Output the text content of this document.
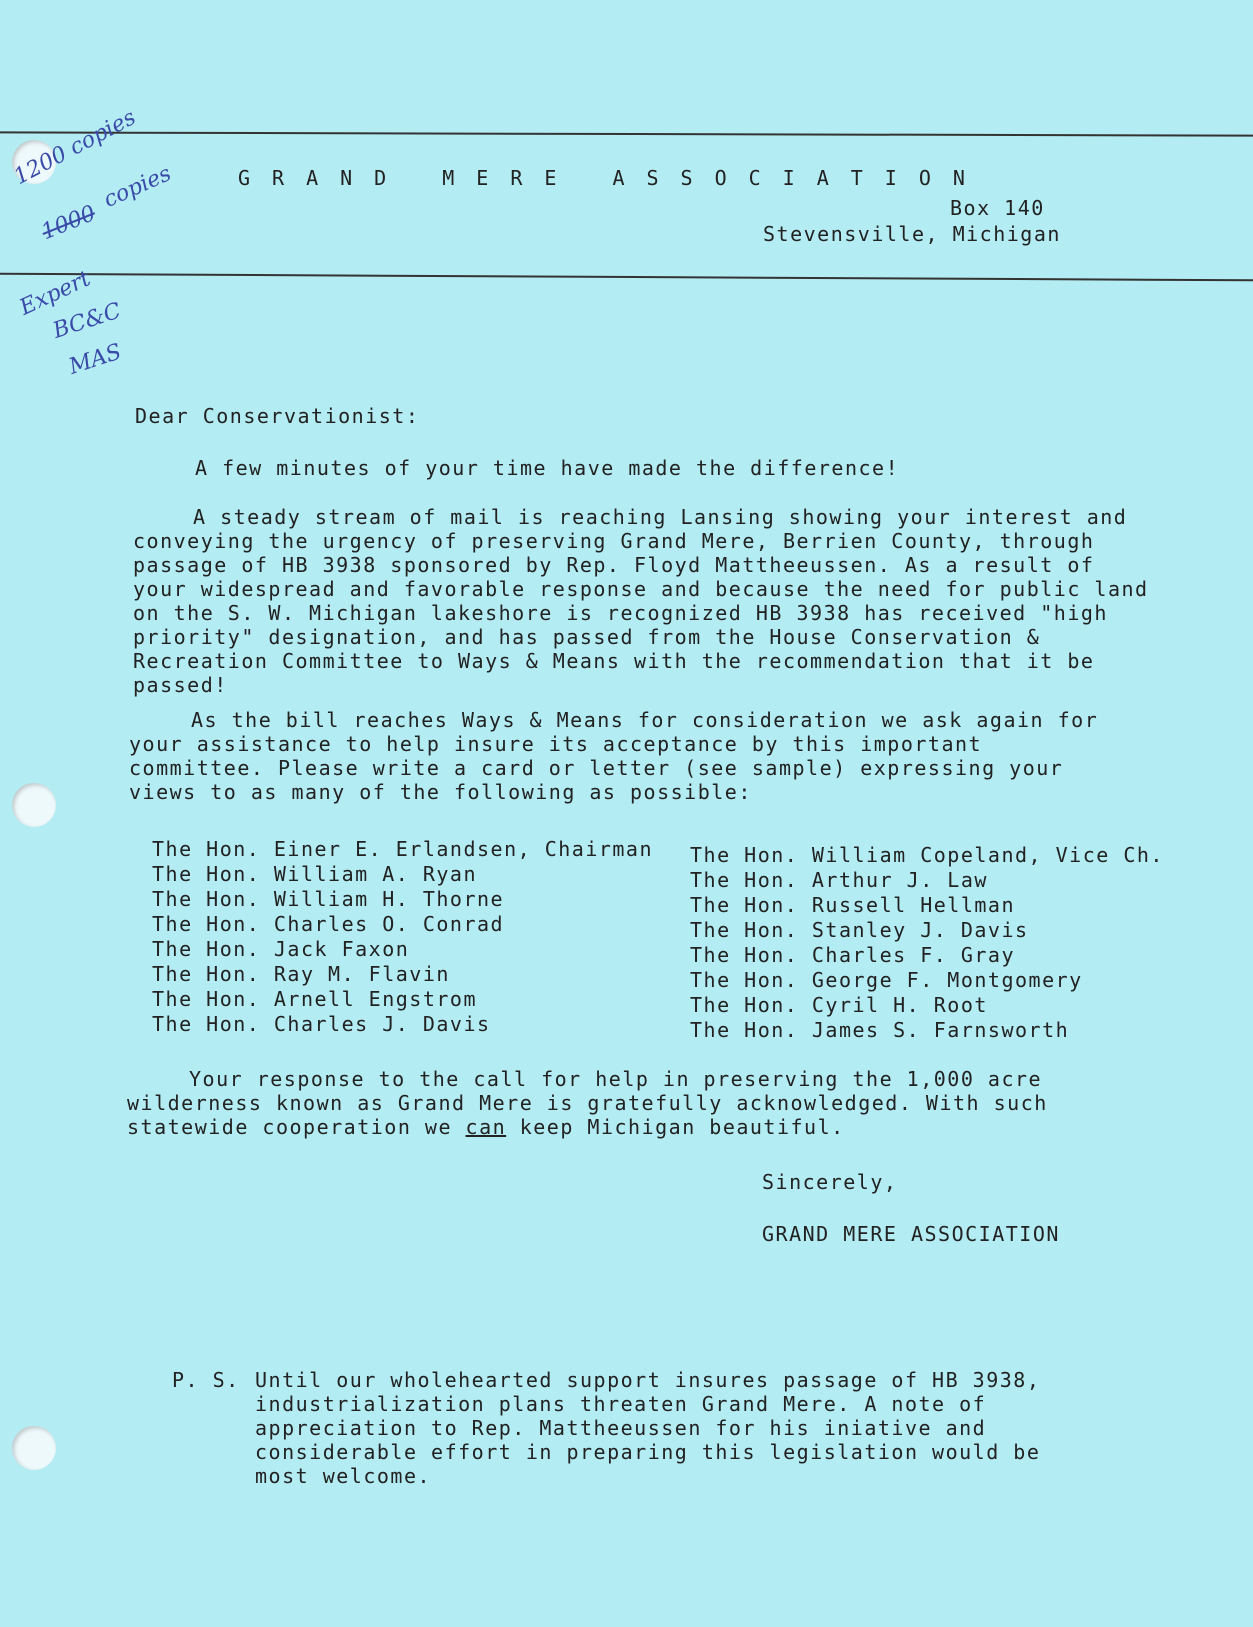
GRAND MERE ASSOCIATION
Box 140
Stevensville, Michigan
1200 copies
1000
copies
Expert
BC&C
MAS
Dear Conservationist:
A few minutes of your time have made the difference!
A steady stream of mail is reaching Lansing showing your interest and conveying the urgency of preserving Grand Mere, Berrien County, through passage of HB 3938 sponsored by Rep. Floyd Mattheeussen. As a result of your widespread and favorable response and because the need for public land on the S. W. Michigan lakeshore is recognized HB 3938 has received "high priority" designation, and has passed from the House Conservation & Recreation Committee to Ways & Means with the recommendation that it be passed!
As the bill reaches Ways & Means for consideration we ask again for your assistance to help insure its acceptance by this important committee. Please write a card or letter (see sample) expressing your views to as many of the following as possible:
The Hon. Einer E. Erlandsen, Chairman
The Hon. William A. Ryan
The Hon. William H. Thorne
The Hon. Charles O. Conrad
The Hon. Jack Faxon
The Hon. Ray M. Flavin
The Hon. Arnell Engstrom
The Hon. Charles J. Davis
The Hon. William Copeland, Vice Ch.
The Hon. Arthur J. Law
The Hon. Russell Hellman
The Hon. Stanley J. Davis
The Hon. Charles F. Gray
The Hon. George F. Montgomery
The Hon. Cyril H. Root
The Hon. James S. Farnsworth
Your response to the call for help in preserving the 1,000 acre wilderness known as Grand Mere is gratefully acknowledged. With such statewide cooperation we can keep Michigan beautiful.
Sincerely,
GRAND MERE ASSOCIATION
P. S. Until our wholehearted support insures passage of HB 3938, industrialization plans threaten Grand Mere. A note of appreciation to Rep. Mattheeussen for his iniative and considerable effort in preparing this legislation would be most welcome.
